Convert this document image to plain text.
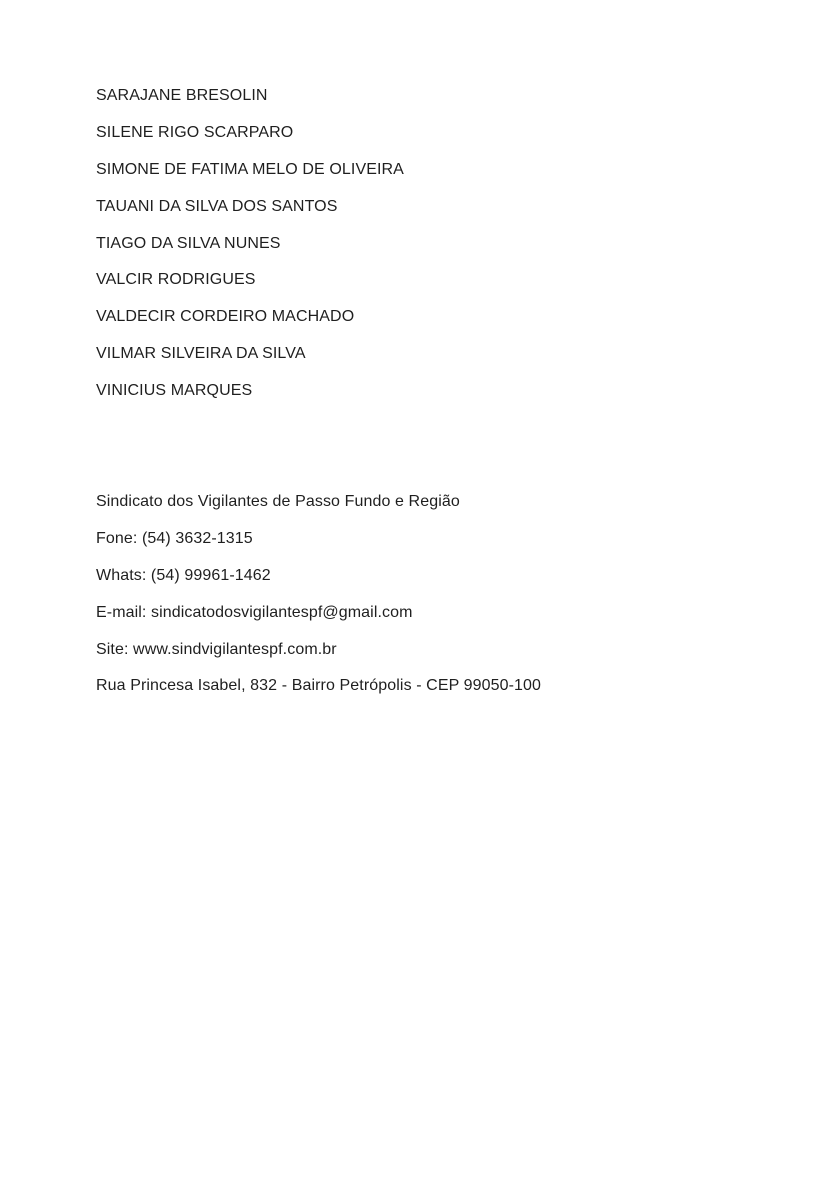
SARAJANE BRESOLIN
SILENE RIGO SCARPARO
SIMONE DE FATIMA MELO DE OLIVEIRA
TAUANI DA SILVA DOS SANTOS
TIAGO DA SILVA NUNES
VALCIR RODRIGUES
VALDECIR CORDEIRO MACHADO
VILMAR SILVEIRA DA SILVA
VINICIUS MARQUES
Sindicato dos Vigilantes de Passo Fundo e Região
Fone: (54) 3632-1315
Whats: (54) 99961-1462
E-mail: sindicatodosvigilantespf@gmail.com
Site: www.sindvigilantespf.com.br
Rua Princesa Isabel, 832 - Bairro Petrópolis - CEP 99050-100
